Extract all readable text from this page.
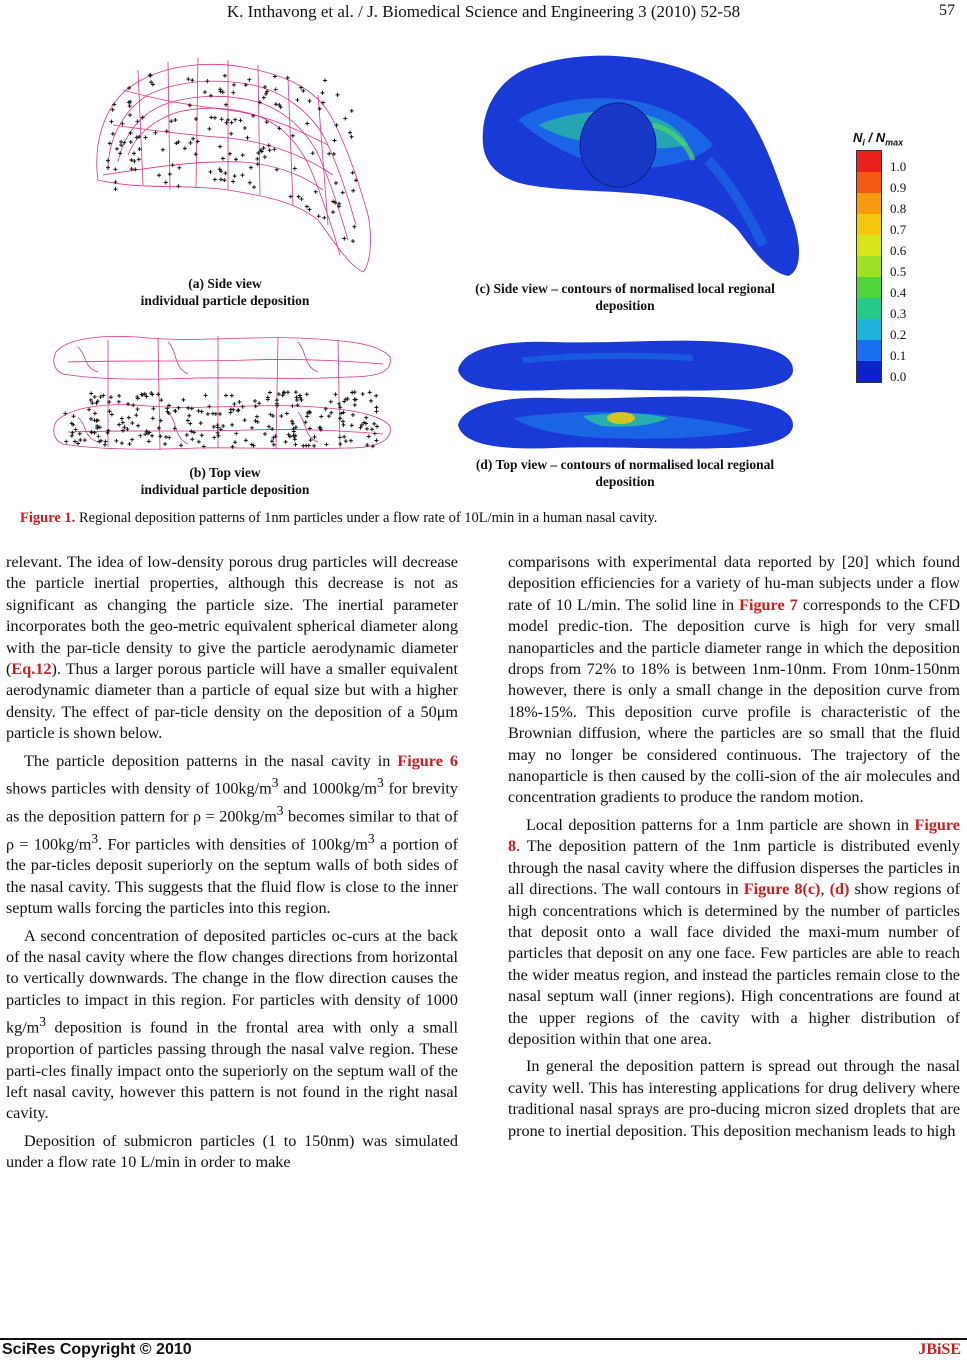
K. Inthavong et al. / J. Biomedical Science and Engineering 3 (2010) 52-58	57
(a) Side view
individual particle deposition
(c) Side view – contours of normalised local regional
deposition
(b) Top view
individual particle deposition
(d) Top view – contours of normalised local regional
deposition
$N_i / N_{max}$
1.0
0.9
0.8
0.7
0.6
0.5
0.4
0.3
0.2
0.1
0.0
Figure 1. Regional deposition patterns of 1nm particles under a flow rate of 10L/min in a human nasal cavity.

relevant. The idea of low-density porous drug particles will decrease the particle inertial properties, although this decrease is not as significant as changing the particle size. The inertial parameter incorporates both the geo-metric equivalent spherical diameter along with the par-ticle density to give the particle aerodynamic diameter (Eq.12). Thus a larger porous particle will have a smaller equivalent aerodynamic diameter than a particle of equal size but with a higher density. The effect of par-ticle density on the deposition of a 50μm particle is shown below.

The particle deposition patterns in the nasal cavity in Figure 6 shows particles with density of $100kg/m^3$ and $1000kg/m^3$ for brevity as the deposition pattern for $\rho = 200kg/m^3$ becomes similar to that of $\rho = 100kg/m^3$. For particles with densities of $100kg/m^3$ a portion of the par-ticles deposit superiorly on the septum walls of both sides of the nasal cavity. This suggests that the fluid flow is close to the inner septum walls forcing the particles into this region.

A second concentration of deposited particles oc-curs at the back of the nasal cavity where the flow changes directions from horizontal to vertically downwards. The change in the flow direction causes the particles to impact in this region. For particles with density of 1000 $kg/m^3$ deposition is found in the frontal area with only a small proportion of particles passing through the nasal valve region. These parti-cles finally impact onto the superiorly on the septum wall of the left nasal cavity, however this pattern is not found in the right nasal cavity.

Deposition of submicron particles (1 to 150nm) was simulated under a flow rate 10 L/min in order to make

comparisons with experimental data reported by [20] which found deposition efficiencies for a variety of hu-man subjects under a flow rate of 10 L/min. The solid line in Figure 7 corresponds to the CFD model predic-tion. The deposition curve is high for very small nanoparticles and the particle diameter range in which the deposition drops from 72% to 18% is between 1nm-10nm. From 10nm-150nm however, there is only a small change in the deposition curve from 18%-15%. This deposition curve profile is characteristic of the Brownian diffusion, where the particles are so small that the fluid may no longer be considered continuous. The trajectory of the nanoparticle is then caused by the colli-sion of the air molecules and concentration gradients to produce the random motion.

Local deposition patterns for a 1nm particle are shown in Figure 8. The deposition pattern of the 1nm particle is distributed evenly through the nasal cavity where the diffusion disperses the particles in all directions. The wall contours in Figure 8(c), (d) show regions of high concentrations which is determined by the number of particles that deposit onto a wall face divided the maxi-mum number of particles that deposit on any one face. Few particles are able to reach the wider meatus region, and instead the particles remain close to the nasal septum wall (inner regions). High concentrations are found at the upper regions of the cavity with a higher distribution of deposition within that one area.

In general the deposition pattern is spread out through the nasal cavity well. This has interesting applications for drug delivery where traditional nasal sprays are pro-ducing micron sized droplets that are prone to inertial deposition. This deposition mechanism leads to high

SciRes Copyright © 2010	JBiSE
